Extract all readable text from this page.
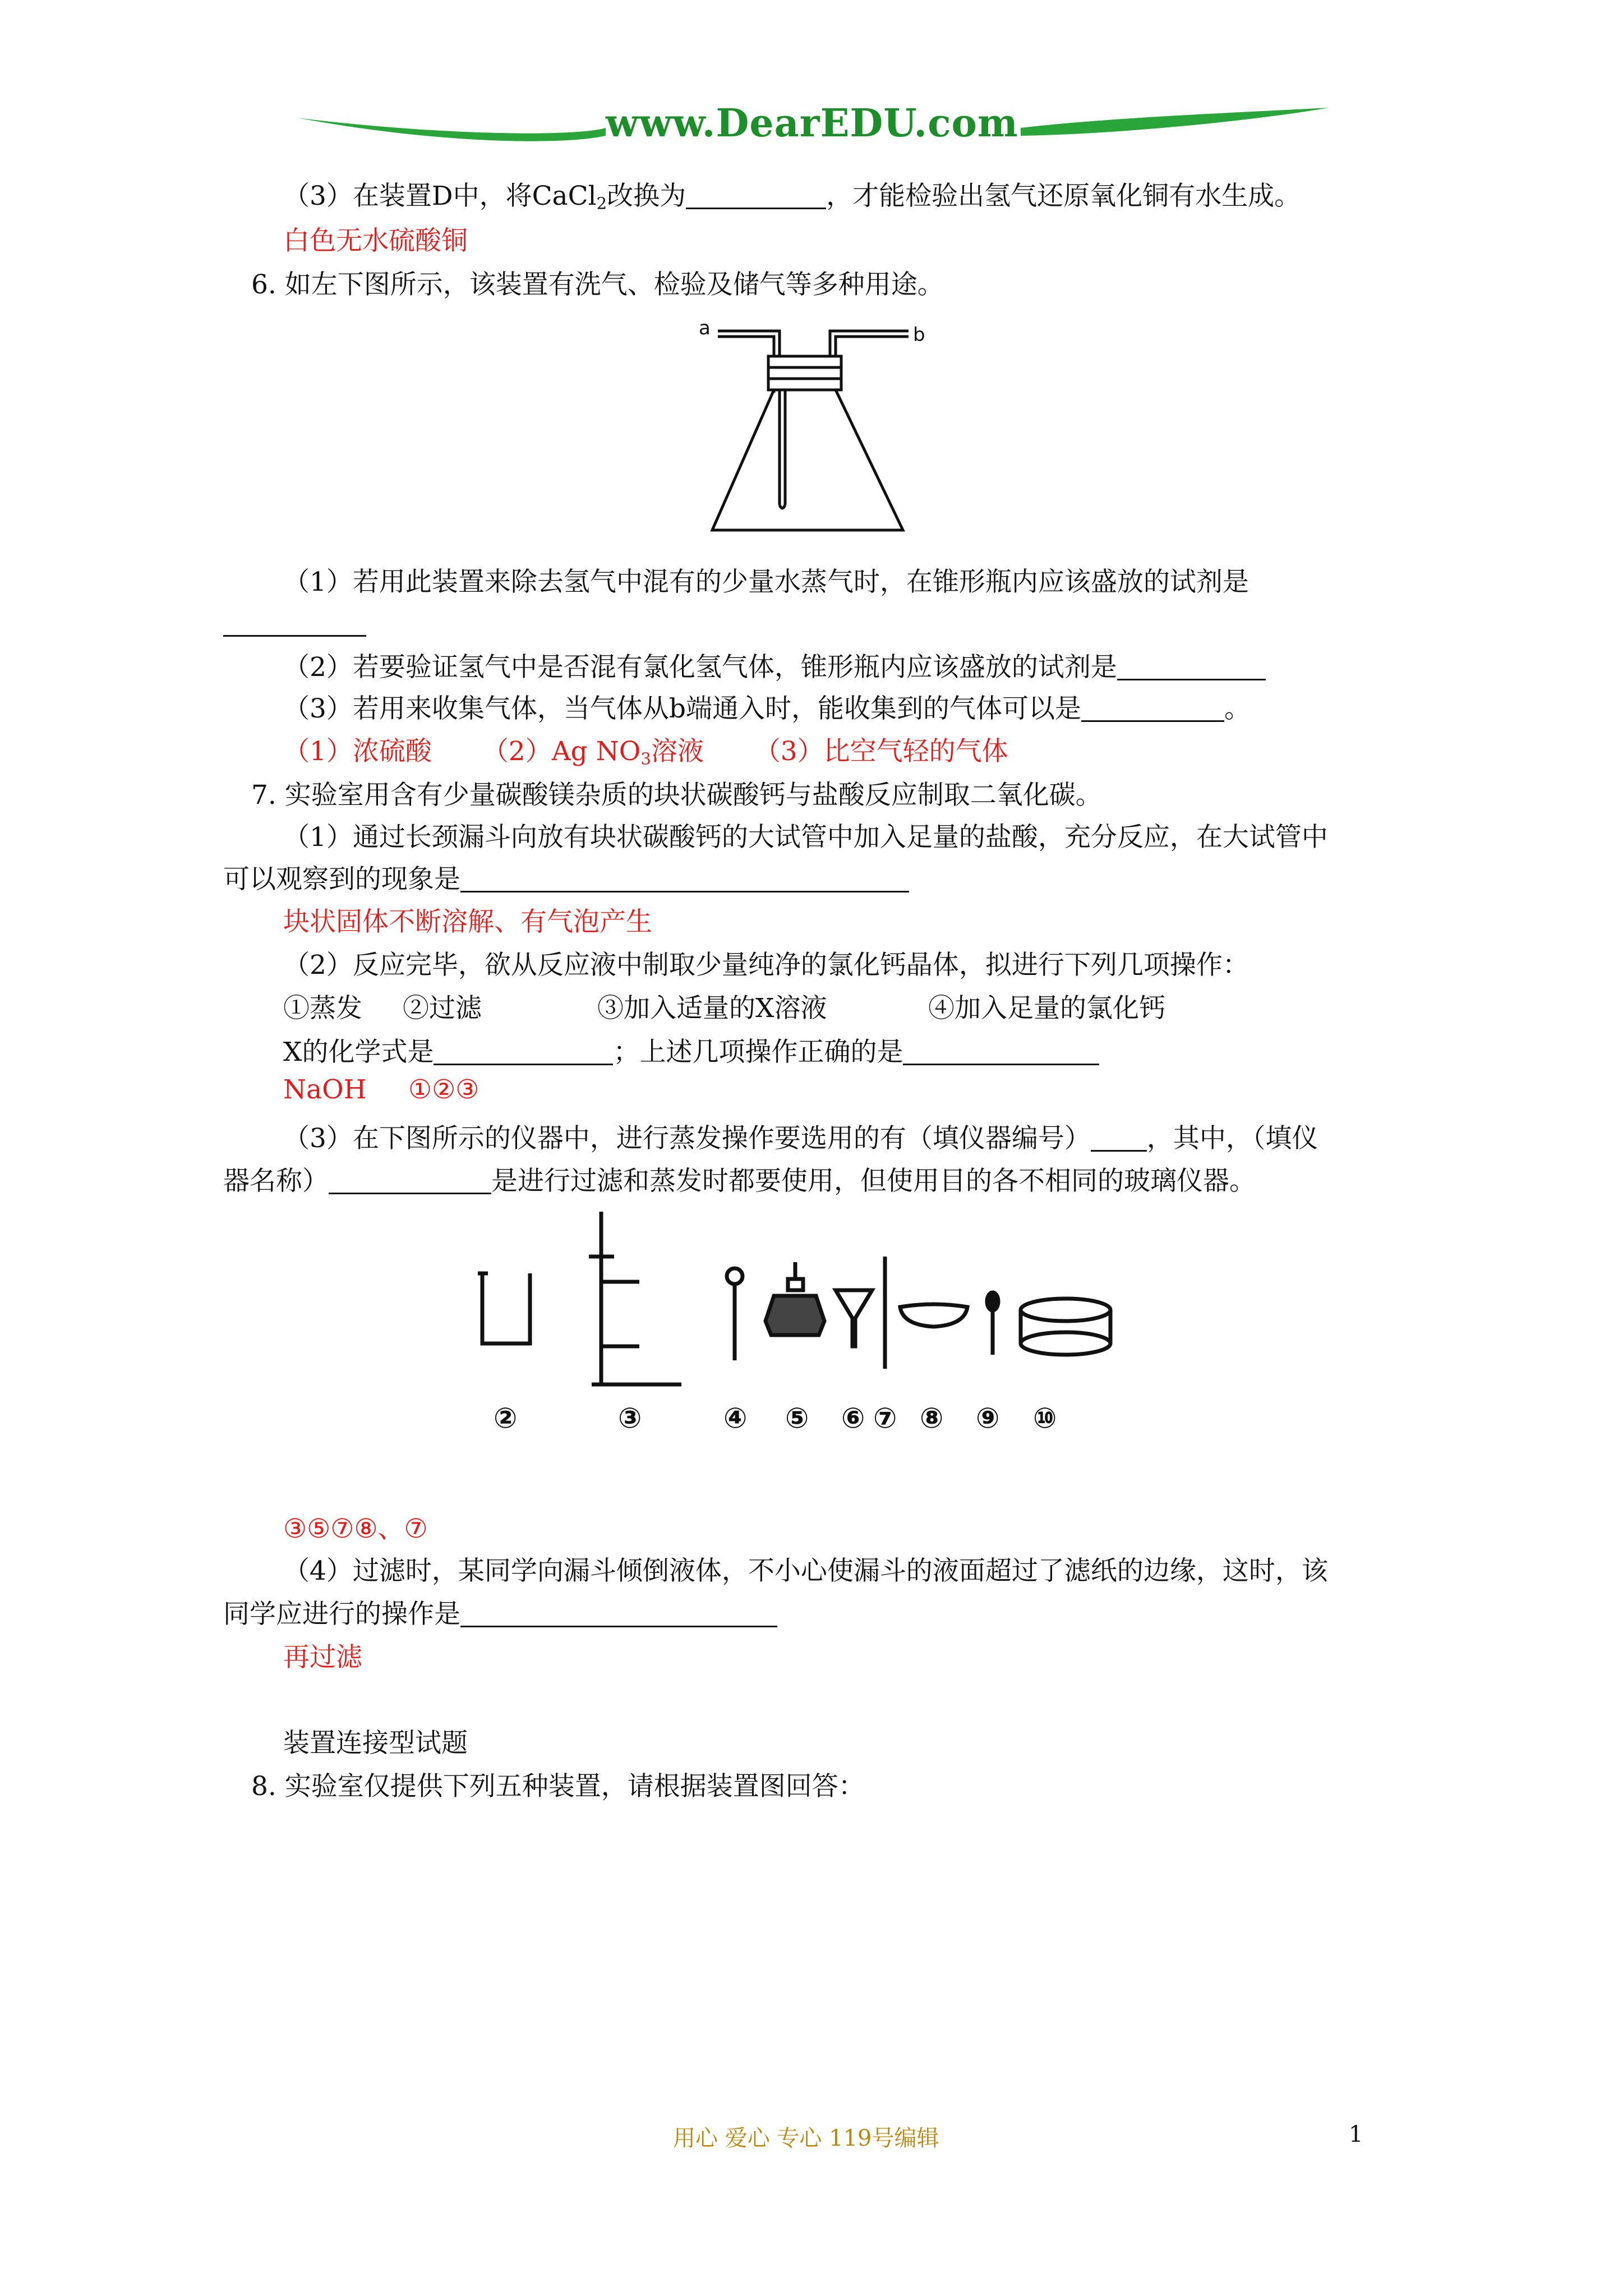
www.DearEDU.com
（3）在装置D中，将CaCl$_2$改换为	，才能检验出氢气还原氧化铜有水生成。
白色无水硫酸铜
6. 如左下图所示，该装置有洗气、检验及储气等多种用途。
a	b
（1）若用此装置来除去氢气中混有的少量水蒸气时，在锥形瓶内应该盛放的试剂是
（2）若要验证氢气中是否混有氯化氢气体，锥形瓶内应该盛放的试剂是
（3）若用来收集气体，当气体从b端通入时，能收集到的气体可以是	。
（1）浓硫酸 （2）Ag $NO_3$溶液 （3）比空气轻的气体
7. 实验室用含有少量碳酸镁杂质的块状碳酸钙与盐酸反应制取二氧化碳。
（1）通过长颈漏斗向放有块状碳酸钙的大试管中加入足量的盐酸，充分反应，在大试管中
可以观察到的现象是
块状固体不断溶解、有气泡产生
（2）反应完毕，欲从反应液中制取少量纯净的氯化钙晶体，拟进行下列几项操作：
①蒸发 ②过滤	③加入适量的X溶液	④加入足量的氯化钙
X的化学式是	；上述几项操作正确的是
NaOH ①②③
（3）在下图所示的仪器中，进行蒸发操作要选用的有（填仪器编号） ，其中，（填仪
器名称）	是进行过滤和蒸发时都要使用，但使用目的各不相同的玻璃仪器。
②	③	④ ⑤ ⑥ ⑦ ⑧ ⑨ ⑩
③⑤⑦⑧、⑦
（4）过滤时，某同学向漏斗倾倒液体，不小心使漏斗的液面超过了滤纸的边缘，这时，该
同学应进行的操作是
再过滤
装置连接型试题
8. 实验室仅提供下列五种装置，请根据装置图回答：
用心 爱心 专心 119号编辑	1
